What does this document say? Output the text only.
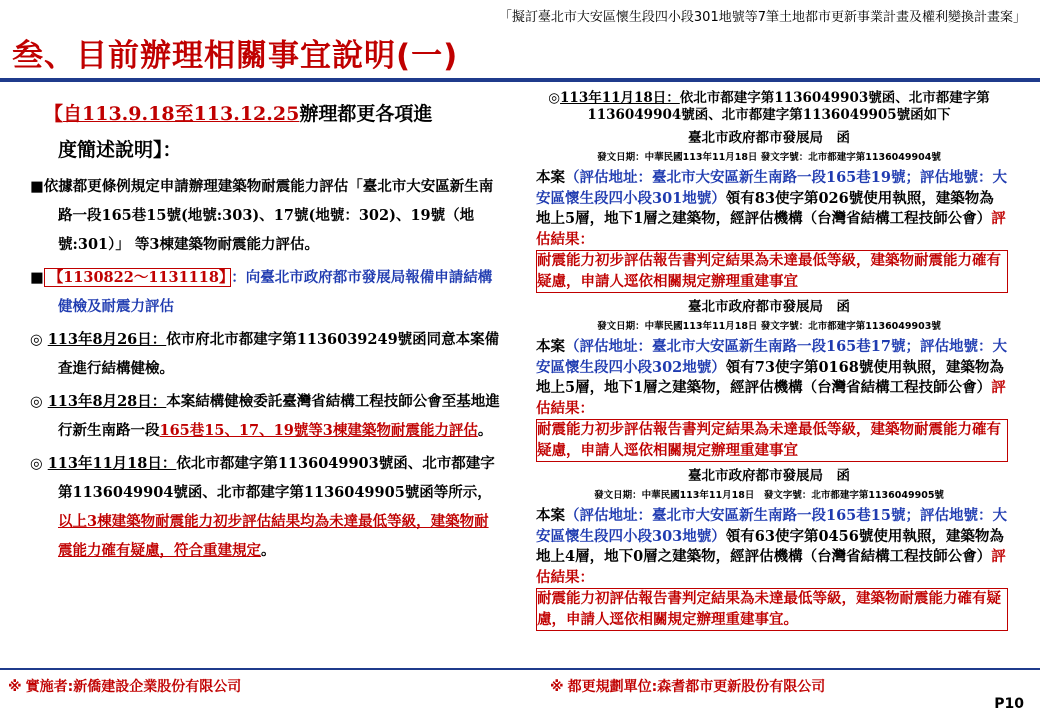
「擬訂臺北市大安區懷生段四小段301地號等7筆土地都市更新事業計畫及權利變換計畫案」
叁、目前辦理相關事宜說明(一)
【自113.9.18至113.12.25辦理都更各項進
度簡述說明】：
■依據都更條例規定申請辦理建築物耐震能力評估「臺北市大安區新生南路一段165巷15號(地號:303)、17號(地號：302)、19號（地號:301）」 等3棟建築物耐震能力評估。
■ 【1130822～1131118】 ：向臺北市政府都市發展局報備申請結構健檢及耐震力評估
◎ 113年8月26日：依市府北市都建字第1136039249號函同意本案備查進行結構健檢。
◎ 113年8月28日：本案結構健檢委託臺灣省結構工程技師公會至基地進行新生南路一段165巷15、17、19號等3棟建築物耐震能力評估。
◎ 113年11月18日：依北市都建字第1136049903號函、北市都建字第1136049904號函、北市都建字第1136049905號函等所示，以上3棟建築物耐震能力初步評估結果均為未達最低等級，建築物耐震能力確有疑慮，符合重建規定。
◎113年11月18日：依北市都建字第1136049903號函、北市都建字第1136049904號函、北市都建字第1136049905號函如下
臺北市政府都市發展局　函
發文日期：中華民國113年11月18日 發文字號：北市都建字第1136049904號
本案（評估地址：臺北市大安區新生南路一段165巷19號；評估地號：大安區懷生段四小段301地號）領有83使字第026號使用執照，建築物為地上5層，地下1層之建築物，經評估機構（台灣省結構工程技師公會）評估結果：
耐震能力初步評估報告書判定結果為未達最低等級，建築物耐震能力確有疑慮，申請人逕依相關規定辦理重建事宜
臺北市政府都市發展局　函
發文日期：中華民國113年11月18日 發文字號：北市都建字第1136049903號
本案（評估地址：臺北市大安區新生南路一段165巷17號；評估地號：大安區懷生段四小段302地號）領有73使字第0168號使用執照，建築物為地上5層，地下1層之建築物，經評估機構（台灣省結構工程技師公會）評估結果：
耐震能力初步評估報告書判定結果為未達最低等級，建築物耐震能力確有疑慮，申請人逕依相關規定辦理重建事宜
臺北市政府都市發展局　函
發文日期：中華民國113年11月18日　發文字號：北市都建字第1136049905號
本案（評估地址：臺北市大安區新生南路一段165巷15號；評估地號：大安區懷生段四小段303地號）領有63使字第0456號使用執照，建築物為地上4層，地下0層之建築物，經評估機構（台灣省結構工程技師公會）評估結果：
耐震能力初評估報告書判定結果為未達最低等級，建築物耐震能力確有疑慮，申請人逕依相關規定辦理重建事宜。
※ 實施者:新僑建設企業股份有限公司	※ 都更規劃單位:森耆都市更新股份有限公司
P10
